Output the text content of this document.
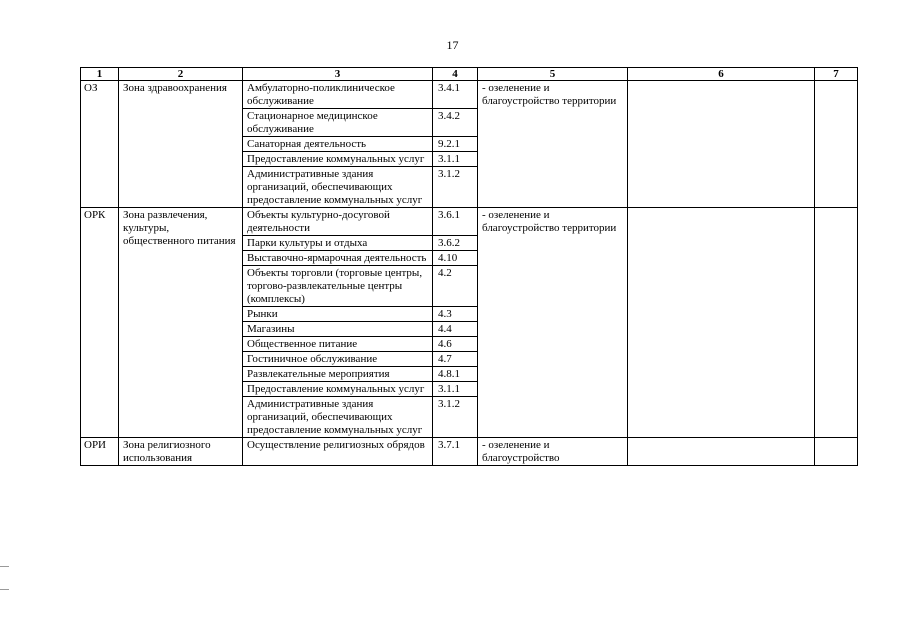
17
1	2	3	4	5	6	7
ОЗ	Зона здравоохранения	Амбулаторно-поликлиническое обслуживание	3.4.1	- озеленение и благоустройство территории		
		Стационарное медицинское обслуживание	3.4.2			
		Санаторная деятельность	9.2.1			
		Предоставление коммунальных услуг	3.1.1			
		Административные здания организаций, обеспечивающих предоставление коммунальных услуг	3.1.2			
ОРК	Зона развлечения, культуры, общественного питания	Объекты культурно-досуговой деятельности	3.6.1	- озеленение и благоустройство территории		
		Парки культуры и отдыха	3.6.2			
		Выставочно-ярмарочная деятельность	4.10			
		Объекты торговли (торговые центры, торгово-развлекательные центры (комплексы)	4.2			
		Рынки	4.3			
		Магазины	4.4			
		Общественное питание	4.6			
		Гостиничное обслуживание	4.7			
		Развлекательные мероприятия	4.8.1			
		Предоставление коммунальных услуг	3.1.1			
		Административные здания организаций, обеспечивающих предоставление коммунальных услуг	3.1.2			
ОРИ	Зона религиозного использования	Осуществление религиозных обрядов	3.7.1	- озеленение и благоустройство		
